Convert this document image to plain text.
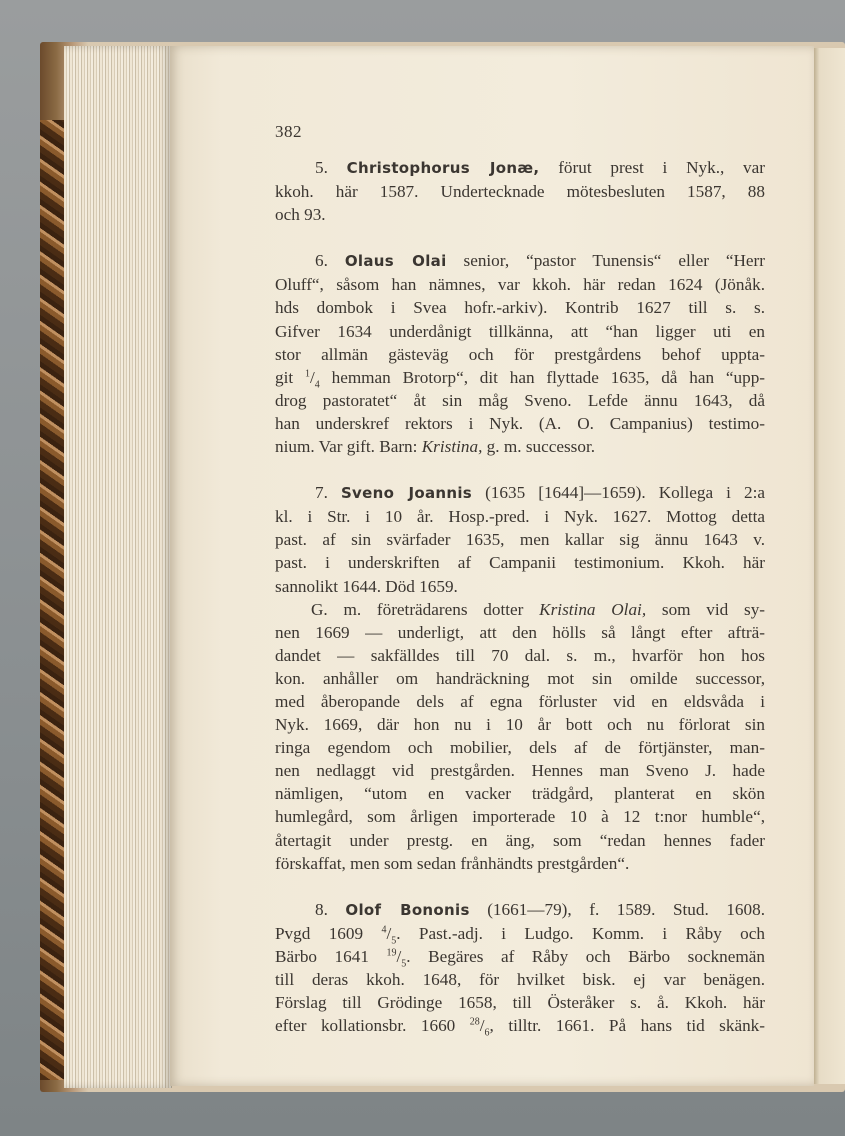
382
5. Christophorus Jonæ, förut prest i Nyk., var
kkoh. här 1587. Undertecknade mötesbesluten 1587, 88
och 93.
6. Olaus Olai senior, “pastor Tunensis“ eller “Herr
Oluff“, såsom han nämnes, var kkoh. här redan 1624 (Jönåk.
hds dombok i Svea hofr.-arkiv). Kontrib 1627 till s. s.
Gifver 1634 underdånigt tillkänna, att “han ligger uti en
stor allmän gästeväg och för prestgårdens behof uppta-
git $^1/_4$ hemman Brotorp“, dit han flyttade 1635, då han “upp-
drog pastoratet“ åt sin måg Sveno. Lefde ännu 1643, då
han underskref rektors i Nyk. (A. O. Campanius) testimo-
nium. Var gift. Barn: Kristina, g. m. successor.
7. Sveno Joannis (1635 [1644]—1659). Kollega i 2:a
kl. i Str. i 10 år. Hosp.-pred. i Nyk. 1627. Mottog detta
past. af sin svärfader 1635, men kallar sig ännu 1643 v.
past. i underskriften af Campanii testimonium. Kkoh. här
sannolikt 1644. Död 1659.
G. m. företrädarens dotter Kristina Olai, som vid sy-
nen 1669 — underligt, att den hölls så långt efter afträ-
dandet — sakfälldes till 70 dal. s. m., hvarför hon hos
kon. anhåller om handräckning mot sin omilde successor,
med åberopande dels af egna förluster vid en eldsvåda i
Nyk. 1669, där hon nu i 10 år bott och nu förlorat sin
ringa egendom och mobilier, dels af de förtjänster, man-
nen nedlaggt vid prestgården. Hennes man Sveno J. hade
nämligen, “utom en vacker trädgård, planterat en skön
humlegård, som årligen importerade 10 à 12 t:nor humble“,
återtagit under prestg. en äng, som “redan hennes fader
förskaffat, men som sedan frånhändts prestgården“.
8. Olof Bononis (1661—79), f. 1589. Stud. 1608.
Pvgd 1609 $^4/_5$. Past.-adj. i Ludgo. Komm. i Råby och
Bärbo 1641 $^{19}/_5$. Begäres af Råby och Bärbo socknemän
till deras kkoh. 1648, för hvilket bisk. ej var benägen.
Förslag till Grödinge 1658, till Österåker s. å. Kkoh. här
efter kollationsbr. 1660 $^{28}/_6$, tilltr. 1661. På hans tid skänk-
